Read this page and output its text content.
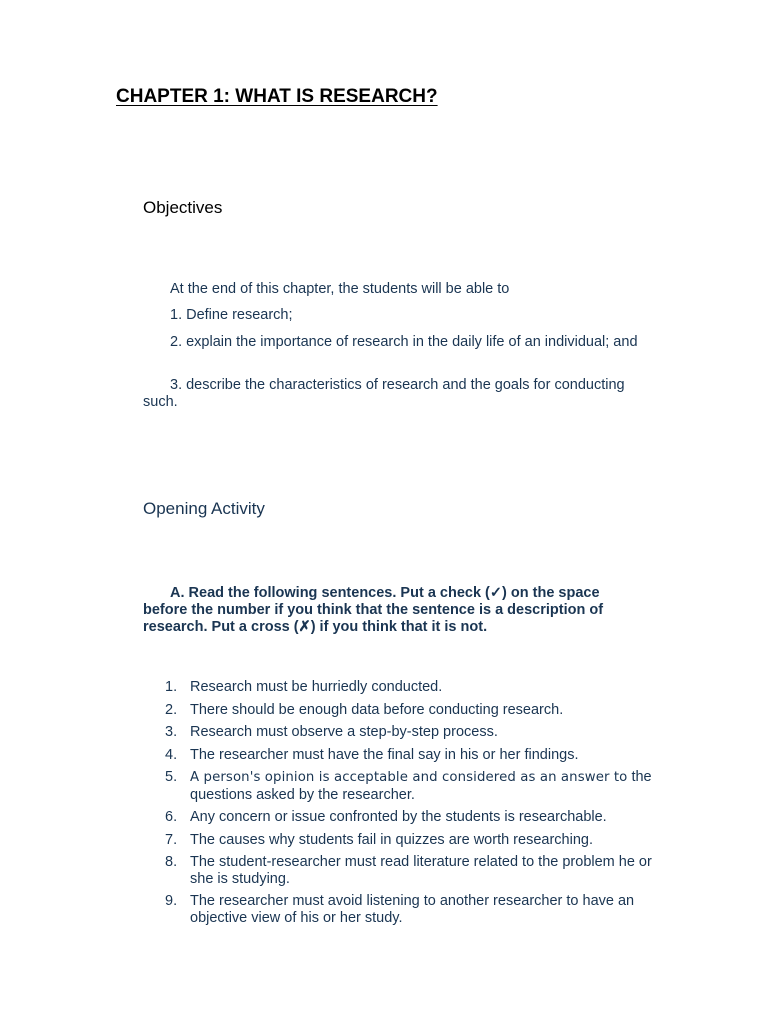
CHAPTER 1: WHAT IS RESEARCH?
Objectives
At the end of this chapter, the students will be able to
1. Define research;
2. explain the importance of research in the daily life of an individual; and
3. describe the characteristics of research and the goals for conducting such.
Opening Activity
A. Read the following sentences. Put a check (✓) on the space before the number if you think that the sentence is a description of research. Put a cross (✗) if you think that it is not.
1. Research must be hurriedly conducted.
2. There should be enough data before conducting research.
3. Research must observe a step-by-step process.
4. The researcher must have the final say in his or her findings.
5. A person's opinion is acceptable and considered as an answer to the questions asked by the researcher.
6. Any concern or issue confronted by the students is researchable.
7. The causes why students fail in quizzes are worth researching.
8. The student-researcher must read literature related to the problem he or she is studying.
9. The researcher must avoid listening to another researcher to have an objective view of his or her study.
